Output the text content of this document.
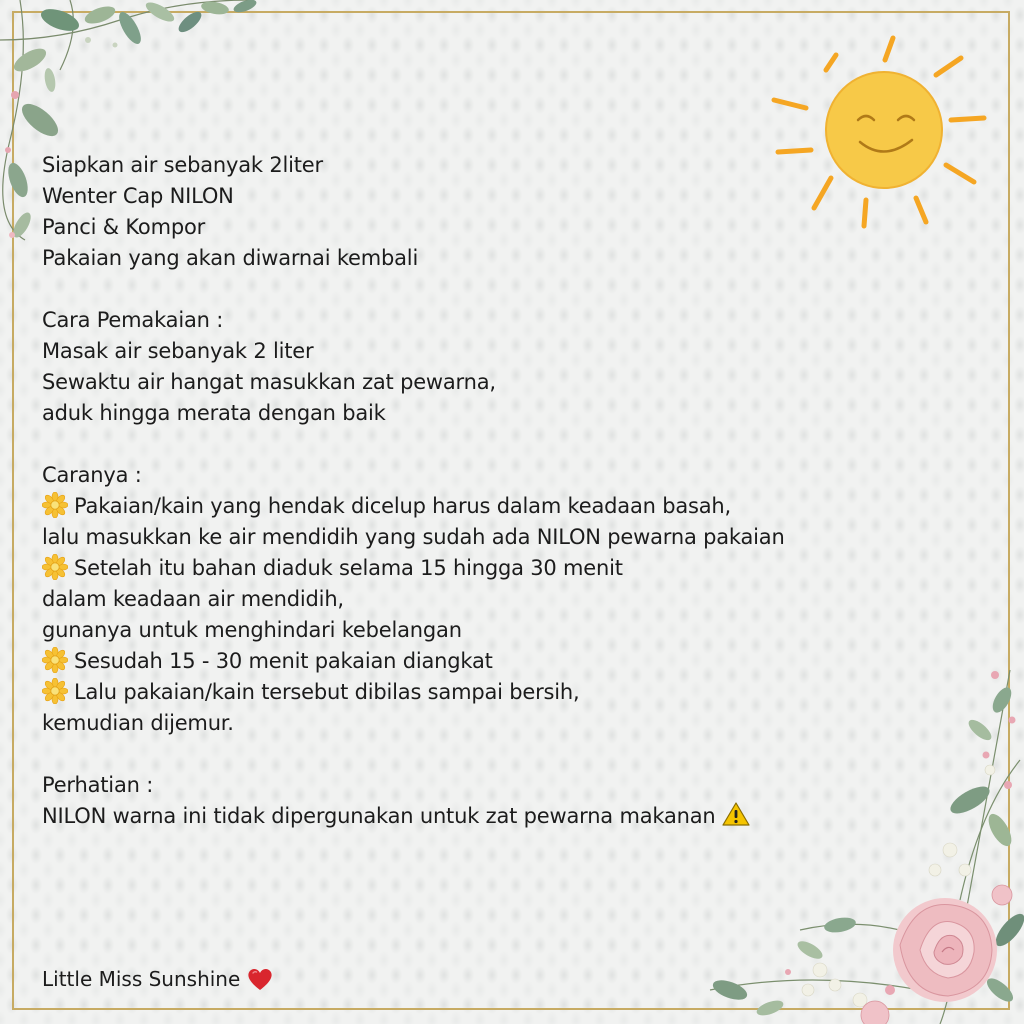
Siapkan air sebanyak 2liter
Wenter Cap NILON
Panci & Kompor
Pakaian yang akan diwarnai kembali
Cara Pemakaian :
Masak air sebanyak 2 liter
Sewaktu air hangat masukkan zat pewarna,
aduk hingga merata dengan baik
Caranya :
Pakaian/kain yang hendak dicelup harus dalam keadaan basah,
lalu masukkan ke air mendidih yang sudah ada NILON pewarna pakaian
Setelah itu bahan diaduk selama 15 hingga 30 menit
dalam keadaan air mendidih,
gunanya untuk menghindari kebelangan
Sesudah 15 - 30 menit pakaian diangkat
Lalu pakaian/kain tersebut dibilas sampai bersih,
kemudian dijemur.
Perhatian :
NILON warna ini tidak dipergunakan untuk zat pewarna makanan
Little Miss Sunshine
